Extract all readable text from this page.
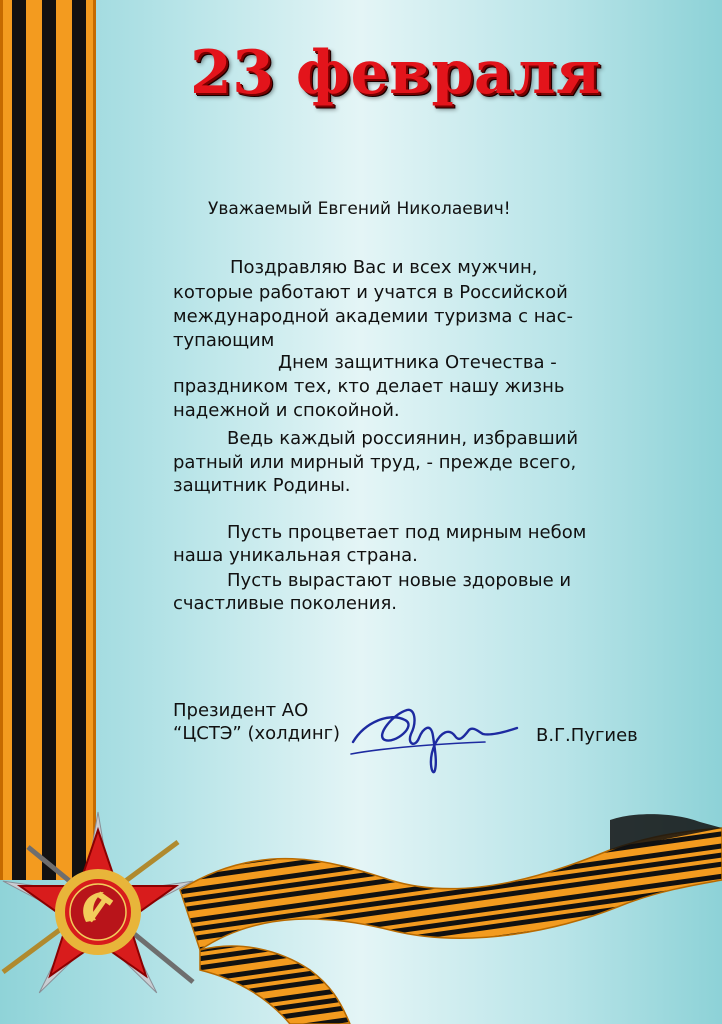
23 февраля
Уважаемый Евгений Николаевич!
Поздравляю Вас и всех мужчин,
которые работают и учатся в Российской
международной академии туризма с нас-
тупающим
Днем защитника Отечества -
праздником тех, кто делает нашу жизнь
надежной и спокойной.
Ведь каждый россиянин, избравший
ратный или мирный труд, - прежде всего,
защитник Родины.
Пусть процветает под мирным небом
наша уникальная страна.
Пусть вырастают новые здоровые и
счастливые поколения.
Президент АО
“ЦСТЭ” (холдинг)	В.Г.Пугиев
